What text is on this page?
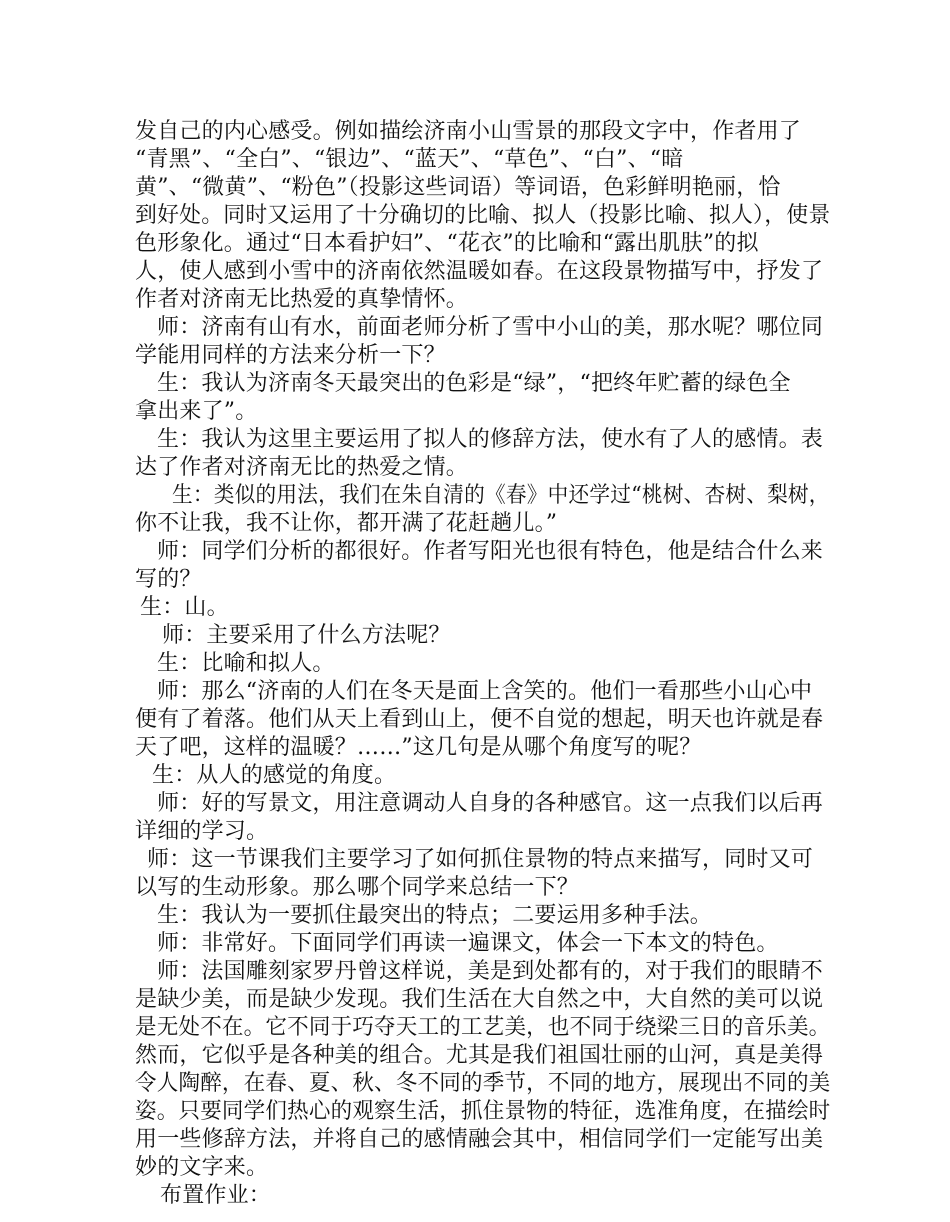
发自己的内心感受。例如描绘济南小山雪景的那段文字中，作者用了
“青黑”、“全白”、“银边”、“蓝天”、“草色”、“白”、“暗
黄”、“微黄”、“粉色”（投影这些词语）等词语，色彩鲜明艳丽，恰
到好处。同时又运用了十分确切的比喻、拟人（投影比喻、拟人），使景
色形象化。通过“日本看护妇”、“花衣”的比喻和“露出肌肤”的拟
人，使人感到小雪中的济南依然温暖如春。在这段景物描写中，抒发了
作者对济南无比热爱的真挚情怀。
师：济南有山有水，前面老师分析了雪中小山的美，那水呢？哪位同
学能用同样的方法来分析一下？
生：我认为济南冬天最突出的色彩是“绿”，“把终年贮蓄的绿色全
拿出来了”。
生：我认为这里主要运用了拟人的修辞方法，使水有了人的感情。表
达了作者对济南无比的热爱之情。
生：类似的用法，我们在朱自清的《春》中还学过“桃树、杏树、梨树，
你不让我，我不让你，都开满了花赶趟儿。”
师：同学们分析的都很好。作者写阳光也很有特色，他是结合什么来
写的？
生：山。
师：主要采用了什么方法呢？
生：比喻和拟人。
师：那么“济南的人们在冬天是面上含笑的。他们一看那些小山心中
便有了着落。他们从天上看到山上，便不自觉的想起，明天也许就是春
天了吧，这样的温暖？……”这几句是从哪个角度写的呢？
生：从人的感觉的角度。
师：好的写景文，用注意调动人自身的各种感官。这一点我们以后再
详细的学习。
师：这一节课我们主要学习了如何抓住景物的特点来描写，同时又可
以写的生动形象。那么哪个同学来总结一下？
生：我认为一要抓住最突出的特点；二要运用多种手法。
师：非常好。下面同学们再读一遍课文，体会一下本文的特色。
师：法国雕刻家罗丹曾这样说，美是到处都有的，对于我们的眼睛不
是缺少美，而是缺少发现。我们生活在大自然之中，大自然的美可以说
是无处不在。它不同于巧夺天工的工艺美，也不同于绕梁三日的音乐美。
然而，它似乎是各种美的组合。尤其是我们祖国壮丽的山河，真是美得
令人陶醉，在春、夏、秋、冬不同的季节，不同的地方，展现出不同的美
姿。只要同学们热心的观察生活，抓住景物的特征，选准角度，在描绘时
用一些修辞方法，并将自己的感情融会其中，相信同学们一定能写出美
妙的文字来。
布置作业：
